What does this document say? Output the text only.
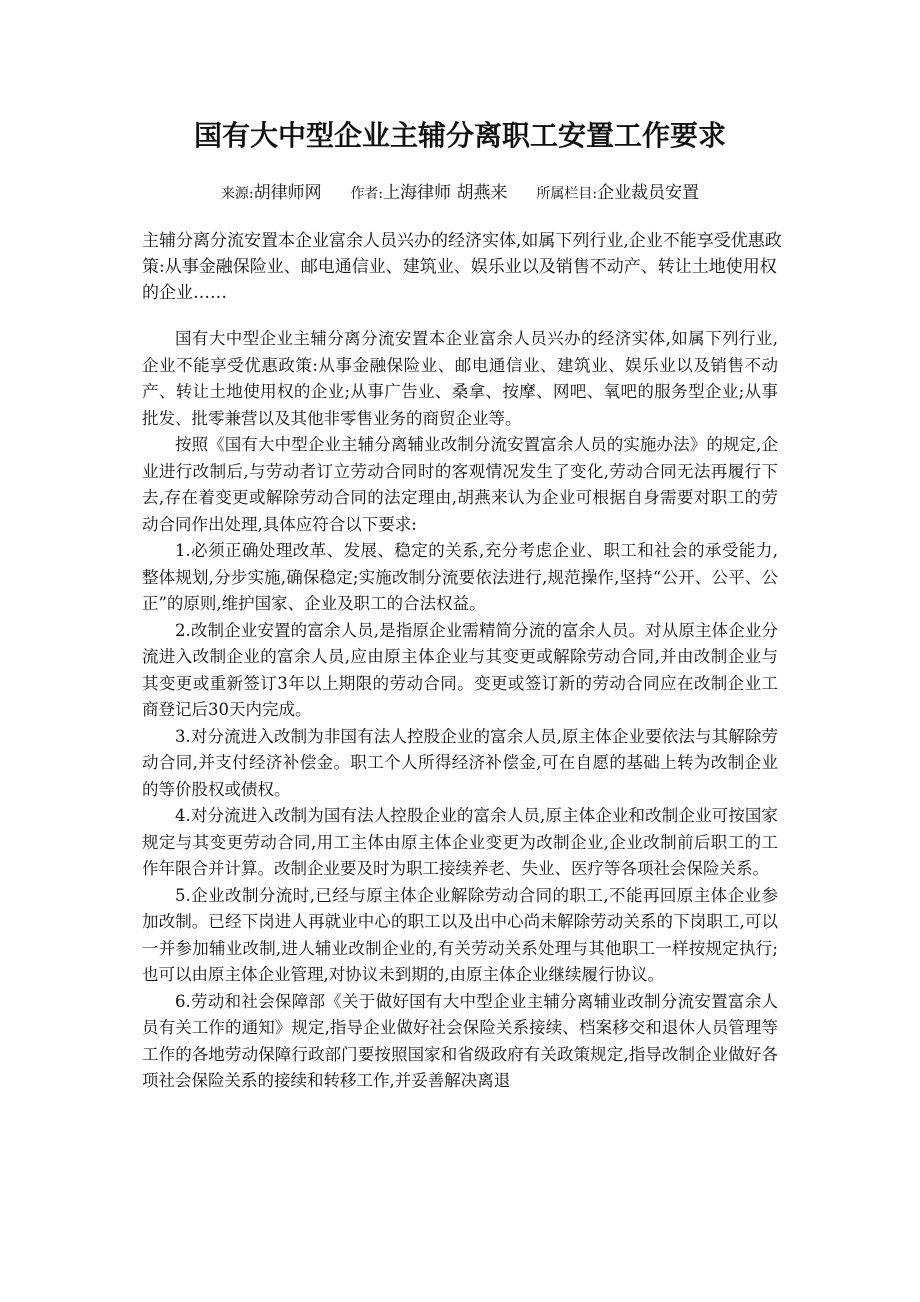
国有大中型企业主辅分离职工安置工作要求
来源:胡律师网 作者:上海律师 胡燕来 所属栏目:企业裁员安置

主辅分离分流安置本企业富余人员兴办的经济实体,如属下列行业,企业不能享受优惠政策:从事金融保险业、邮电通信业、建筑业、娱乐业以及销售不动产、转让土地使用权的企业……

国有大中型企业主辅分离分流安置本企业富余人员兴办的经济实体,如属下列行业,企业不能享受优惠政策:从事金融保险业、邮电通信业、建筑业、娱乐业以及销售不动产、转让土地使用权的企业;从事广告业、桑拿、按摩、网吧、氧吧的服务型企业;从事批发、批零兼营以及其他非零售业务的商贸企业等。

按照《国有大中型企业主辅分离辅业改制分流安置富余人员的实施办法》的规定,企业进行改制后,与劳动者订立劳动合同时的客观情况发生了变化,劳动合同无法再履行下去,存在着变更或解除劳动合同的法定理由,胡燕来认为企业可根据自身需要对职工的劳动合同作出处理,具体应符合以下要求:

1.必须正确处理改革、发展、稳定的关系,充分考虑企业、职工和社会的承受能力,整体规划,分步实施,确保稳定;实施改制分流要依法进行,规范操作,坚持“公开、公平、公正”的原则,维护国家、企业及职工的合法权益。

2.改制企业安置的富余人员,是指原企业需精简分流的富余人员。对从原主体企业分流进入改制企业的富余人员,应由原主体企业与其变更或解除劳动合同,并由改制企业与其变更或重新签订3年以上期限的劳动合同。变更或签订新的劳动合同应在改制企业工商登记后30天内完成。

3.对分流进入改制为非国有法人控股企业的富余人员,原主体企业要依法与其解除劳动合同,并支付经济补偿金。职工个人所得经济补偿金,可在自愿的基础上转为改制企业的等价股权或债权。

4.对分流进入改制为国有法人控股企业的富余人员,原主体企业和改制企业可按国家规定与其变更劳动合同,用工主体由原主体企业变更为改制企业,企业改制前后职工的工作年限合并计算。改制企业要及时为职工接续养老、失业、医疗等各项社会保险关系。

5.企业改制分流时,已经与原主体企业解除劳动合同的职工,不能再回原主体企业参加改制。已经下岗进人再就业中心的职工以及出中心尚未解除劳动关系的下岗职工,可以一并参加辅业改制,进人辅业改制企业的,有关劳动关系处理与其他职工一样按规定执行;也可以由原主体企业管理,对协议未到期的,由原主体企业继续履行协议。

6.劳动和社会保障部《关于做好国有大中型企业主辅分离辅业改制分流安置富余人员有关工作的通知》规定,指导企业做好社会保险关系接续、档案移交和退休人员管理等工作的各地劳动保障行政部门要按照国家和省级政府有关政策规定,指导改制企业做好各项社会保险关系的接续和转移工作,并妥善解决离退
